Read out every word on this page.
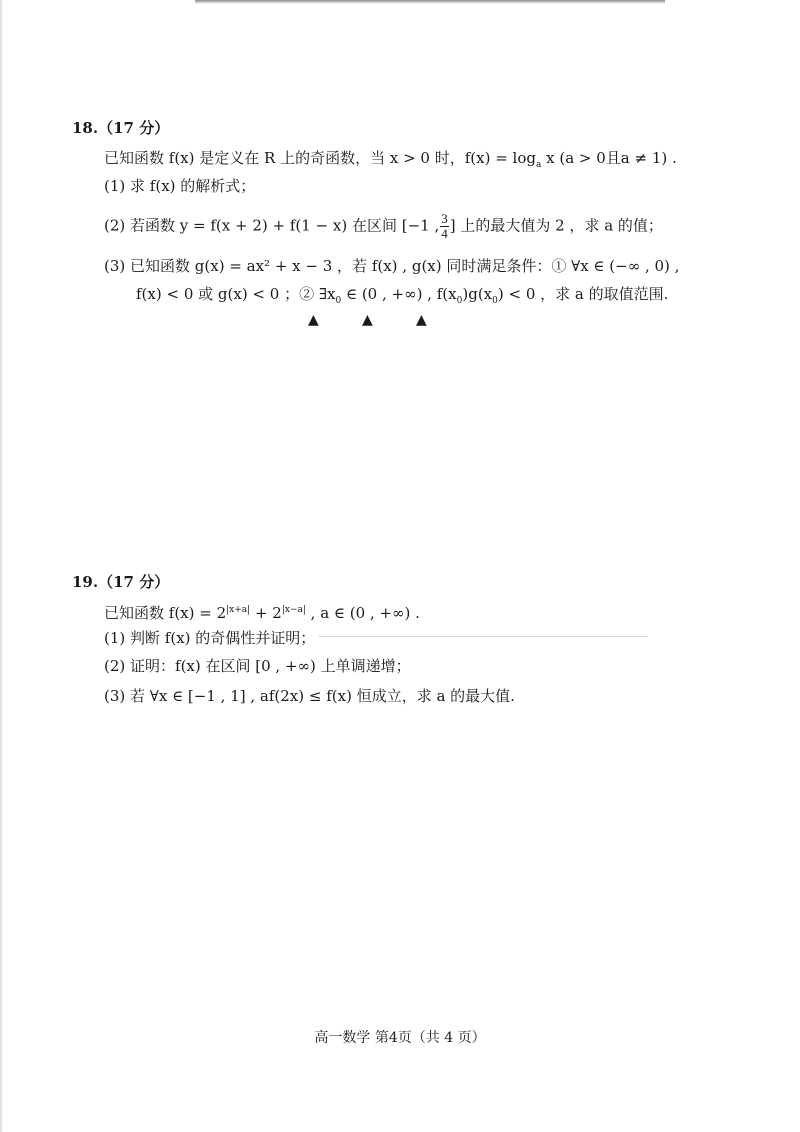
18.（17 分）
已知函数 f(x) 是定义在 R 上的奇函数，当 x > 0 时，$f(x) = \log_a x$ (a > 0且a ≠ 1) .
(1) 求 f(x) 的解析式；
(2) 若函数 y = f(x + 2) + f(1 − x) 在区间 [−1 , $\frac{3}{4}$ ] 上的最大值为 2 ，求 a 的值；
(3) 已知函数 g(x) = ax² + x − 3 ，若 f(x) , g(x) 同时满足条件：① ∀x ∈ (−∞ , 0) ,
f(x) < 0 或 g(x) < 0 ；② $\exists x_0$ ∈ (0 , +∞) , $f(x_0)g(x_0) < 0$ ，求 a 的取值范围.
▲	▲	▲
19.（17 分）
已知函数 $f(x) = 2^{|x+a|} + 2^{|x-a|}$ , a ∈ (0 , +∞) .
(1) 判断 f(x) 的奇偶性并证明；
(2) 证明：f(x) 在区间 [0 , +∞) 上单调递增；
(3) 若 ∀x ∈ [−1 , 1] , af(2x) ≤ f(x) 恒成立，求 a 的最大值.
高一数学 第4页（共 4 页）
